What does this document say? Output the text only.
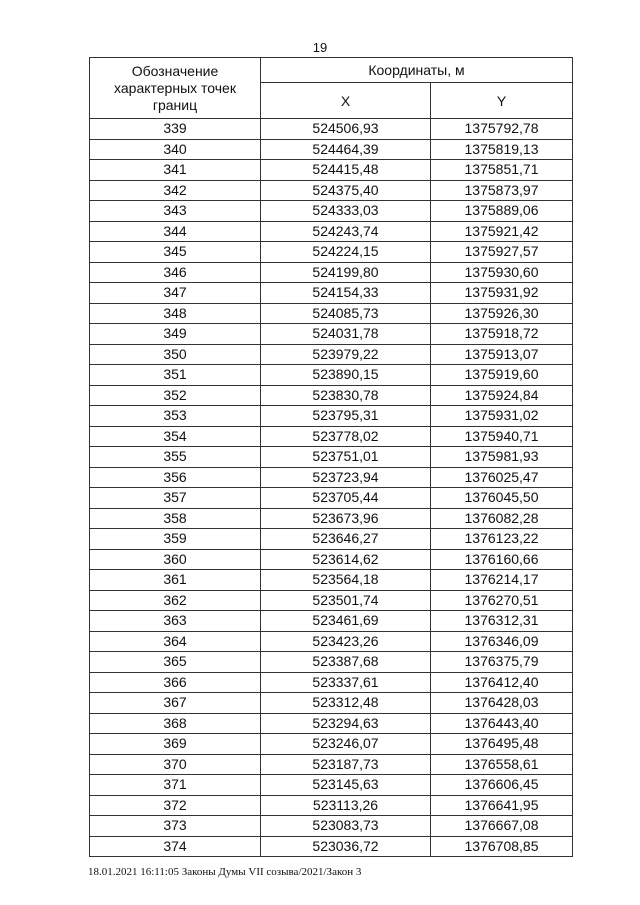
19
Обозначение характерных точек границ	Координаты, м	
	X	Y
339	524506,93	1375792,78
340	524464,39	1375819,13
341	524415,48	1375851,71
342	524375,40	1375873,97
343	524333,03	1375889,06
344	524243,74	1375921,42
345	524224,15	1375927,57
346	524199,80	1375930,60
347	524154,33	1375931,92
348	524085,73	1375926,30
349	524031,78	1375918,72
350	523979,22	1375913,07
351	523890,15	1375919,60
352	523830,78	1375924,84
353	523795,31	1375931,02
354	523778,02	1375940,71
355	523751,01	1375981,93
356	523723,94	1376025,47
357	523705,44	1376045,50
358	523673,96	1376082,28
359	523646,27	1376123,22
360	523614,62	1376160,66
361	523564,18	1376214,17
362	523501,74	1376270,51
363	523461,69	1376312,31
364	523423,26	1376346,09
365	523387,68	1376375,79
366	523337,61	1376412,40
367	523312,48	1376428,03
368	523294,63	1376443,40
369	523246,07	1376495,48
370	523187,73	1376558,61
371	523145,63	1376606,45
372	523113,26	1376641,95
373	523083,73	1376667,08
374	523036,72	1376708,85
18.01.2021 16:11:05 Законы Думы VII созыва/2021/Закон 3
